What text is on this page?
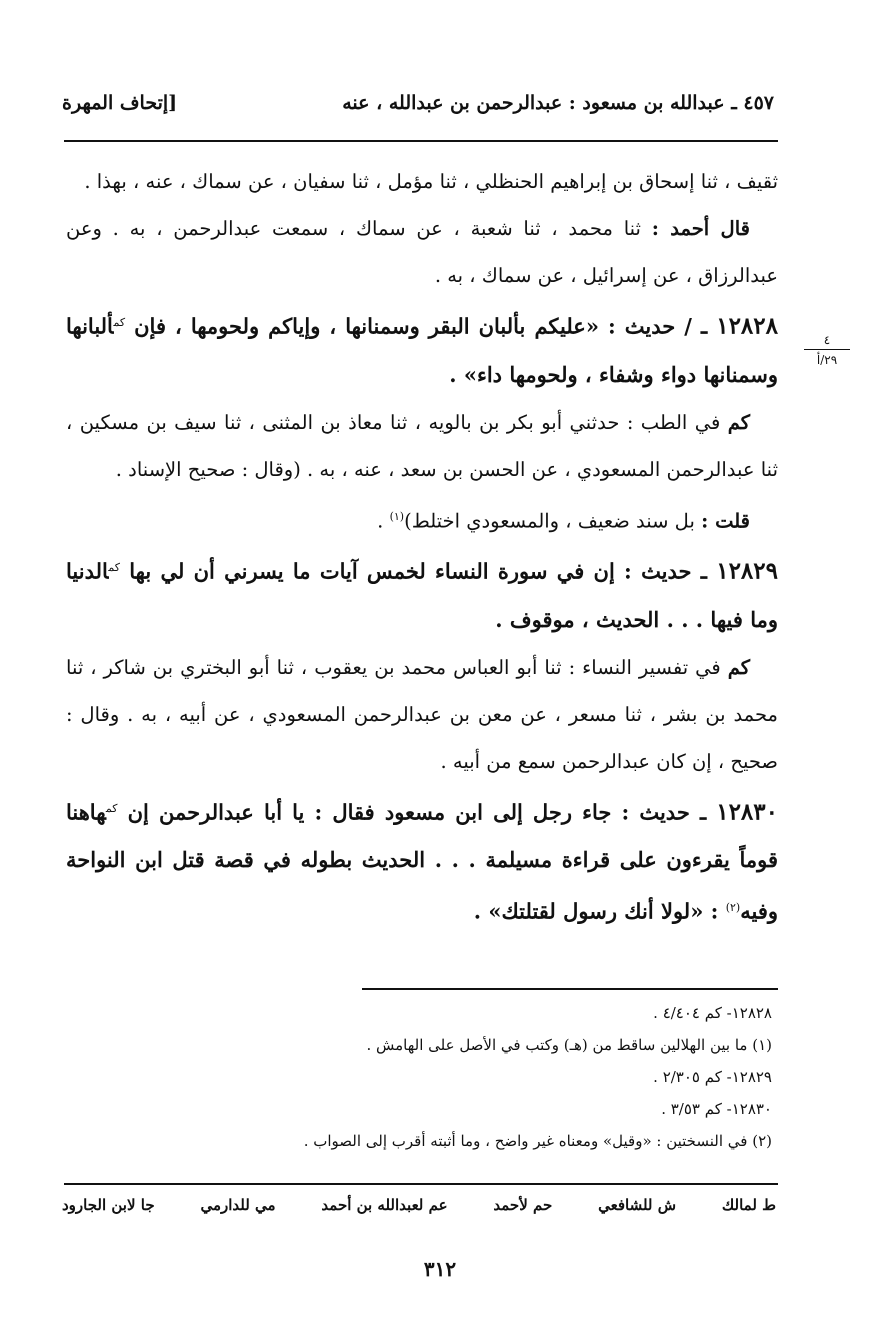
٤٥٧ ـ عبدالله بن مسعود : عبدالرحمن بن عبدالله ، عنه
[إتحاف المهرة
٤
٢٩/أ

ثقيف ، ثنا إسحاق بن إبراهيم الحنظلي ، ثنا مؤمل ، ثنا سفيان ، عن سماك ، عنه ، بهذا .

قال أحمد : ثنا محمد ، ثنا شعبة ، عن سماك ، سمعت عبدالرحمن ، به . وعن عبدالرزاق ، عن إسرائيل ، عن سماك ، به .

١٢٨٢٨ ـ / حديث : «عليكم بألبان البقر وسمنانها ، وإياكم ولحومها ، فإن $^{كم}$ألبانها وسمنانها دواء وشفاء ، ولحومها داء» .

كم في الطب : حدثني أبو بكر بن بالويه ، ثنا معاذ بن المثنى ، ثنا سيف بن مسكين ، ثنا عبدالرحمن المسعودي ، عن الحسن بن سعد ، عنه ، به . (وقال : صحيح الإسناد .

قلت : بل سند ضعيف ، والمسعودي اختلط)$^{(١)}$ .

١٢٨٢٩ ـ حديث : إن في سورة النساء لخمس آيات ما يسرني أن لي بها $^{كم}$الدنيا وما فيها . . . الحديث ، موقوف .

كم في تفسير النساء : ثنا أبو العباس محمد بن يعقوب ، ثنا أبو البختري بن شاكر ، ثنا محمد بن بشر ، ثنا مسعر ، عن معن بن عبدالرحمن المسعودي ، عن أبيه ، به . وقال : صحيح ، إن كان عبدالرحمن سمع من أبيه .

١٢٨٣٠ ـ حديث : جاء رجل إلى ابن مسعود فقال : يا أبا عبدالرحمن إن $^{كم}$هاهنا قوماً يقرءون على قراءة مسيلمة . . . الحديث بطوله في قصة قتل ابن النواحة وفيه$^{(٢)}$ : «لولا أنك رسول لقتلتك» .

١٢٨٢٨- كم ٤/٤٠٤ .

(١) ما بين الهلالين ساقط من (هـ) وكتب في الأصل على الهامش .

١٢٨٢٩- كم ٢/٣٠٥ .

١٢٨٣٠- كم ٣/٥٣ .

(٢) في النسختين : «وقيل» ومعناه غير واضح ، وما أثبته أقرب إلى الصواب .

ط لمالك
ش للشافعي
حم لأحمد
عم لعبدالله بن أحمد
مي للدارمي
جا لابن الجارود
٣١٢
